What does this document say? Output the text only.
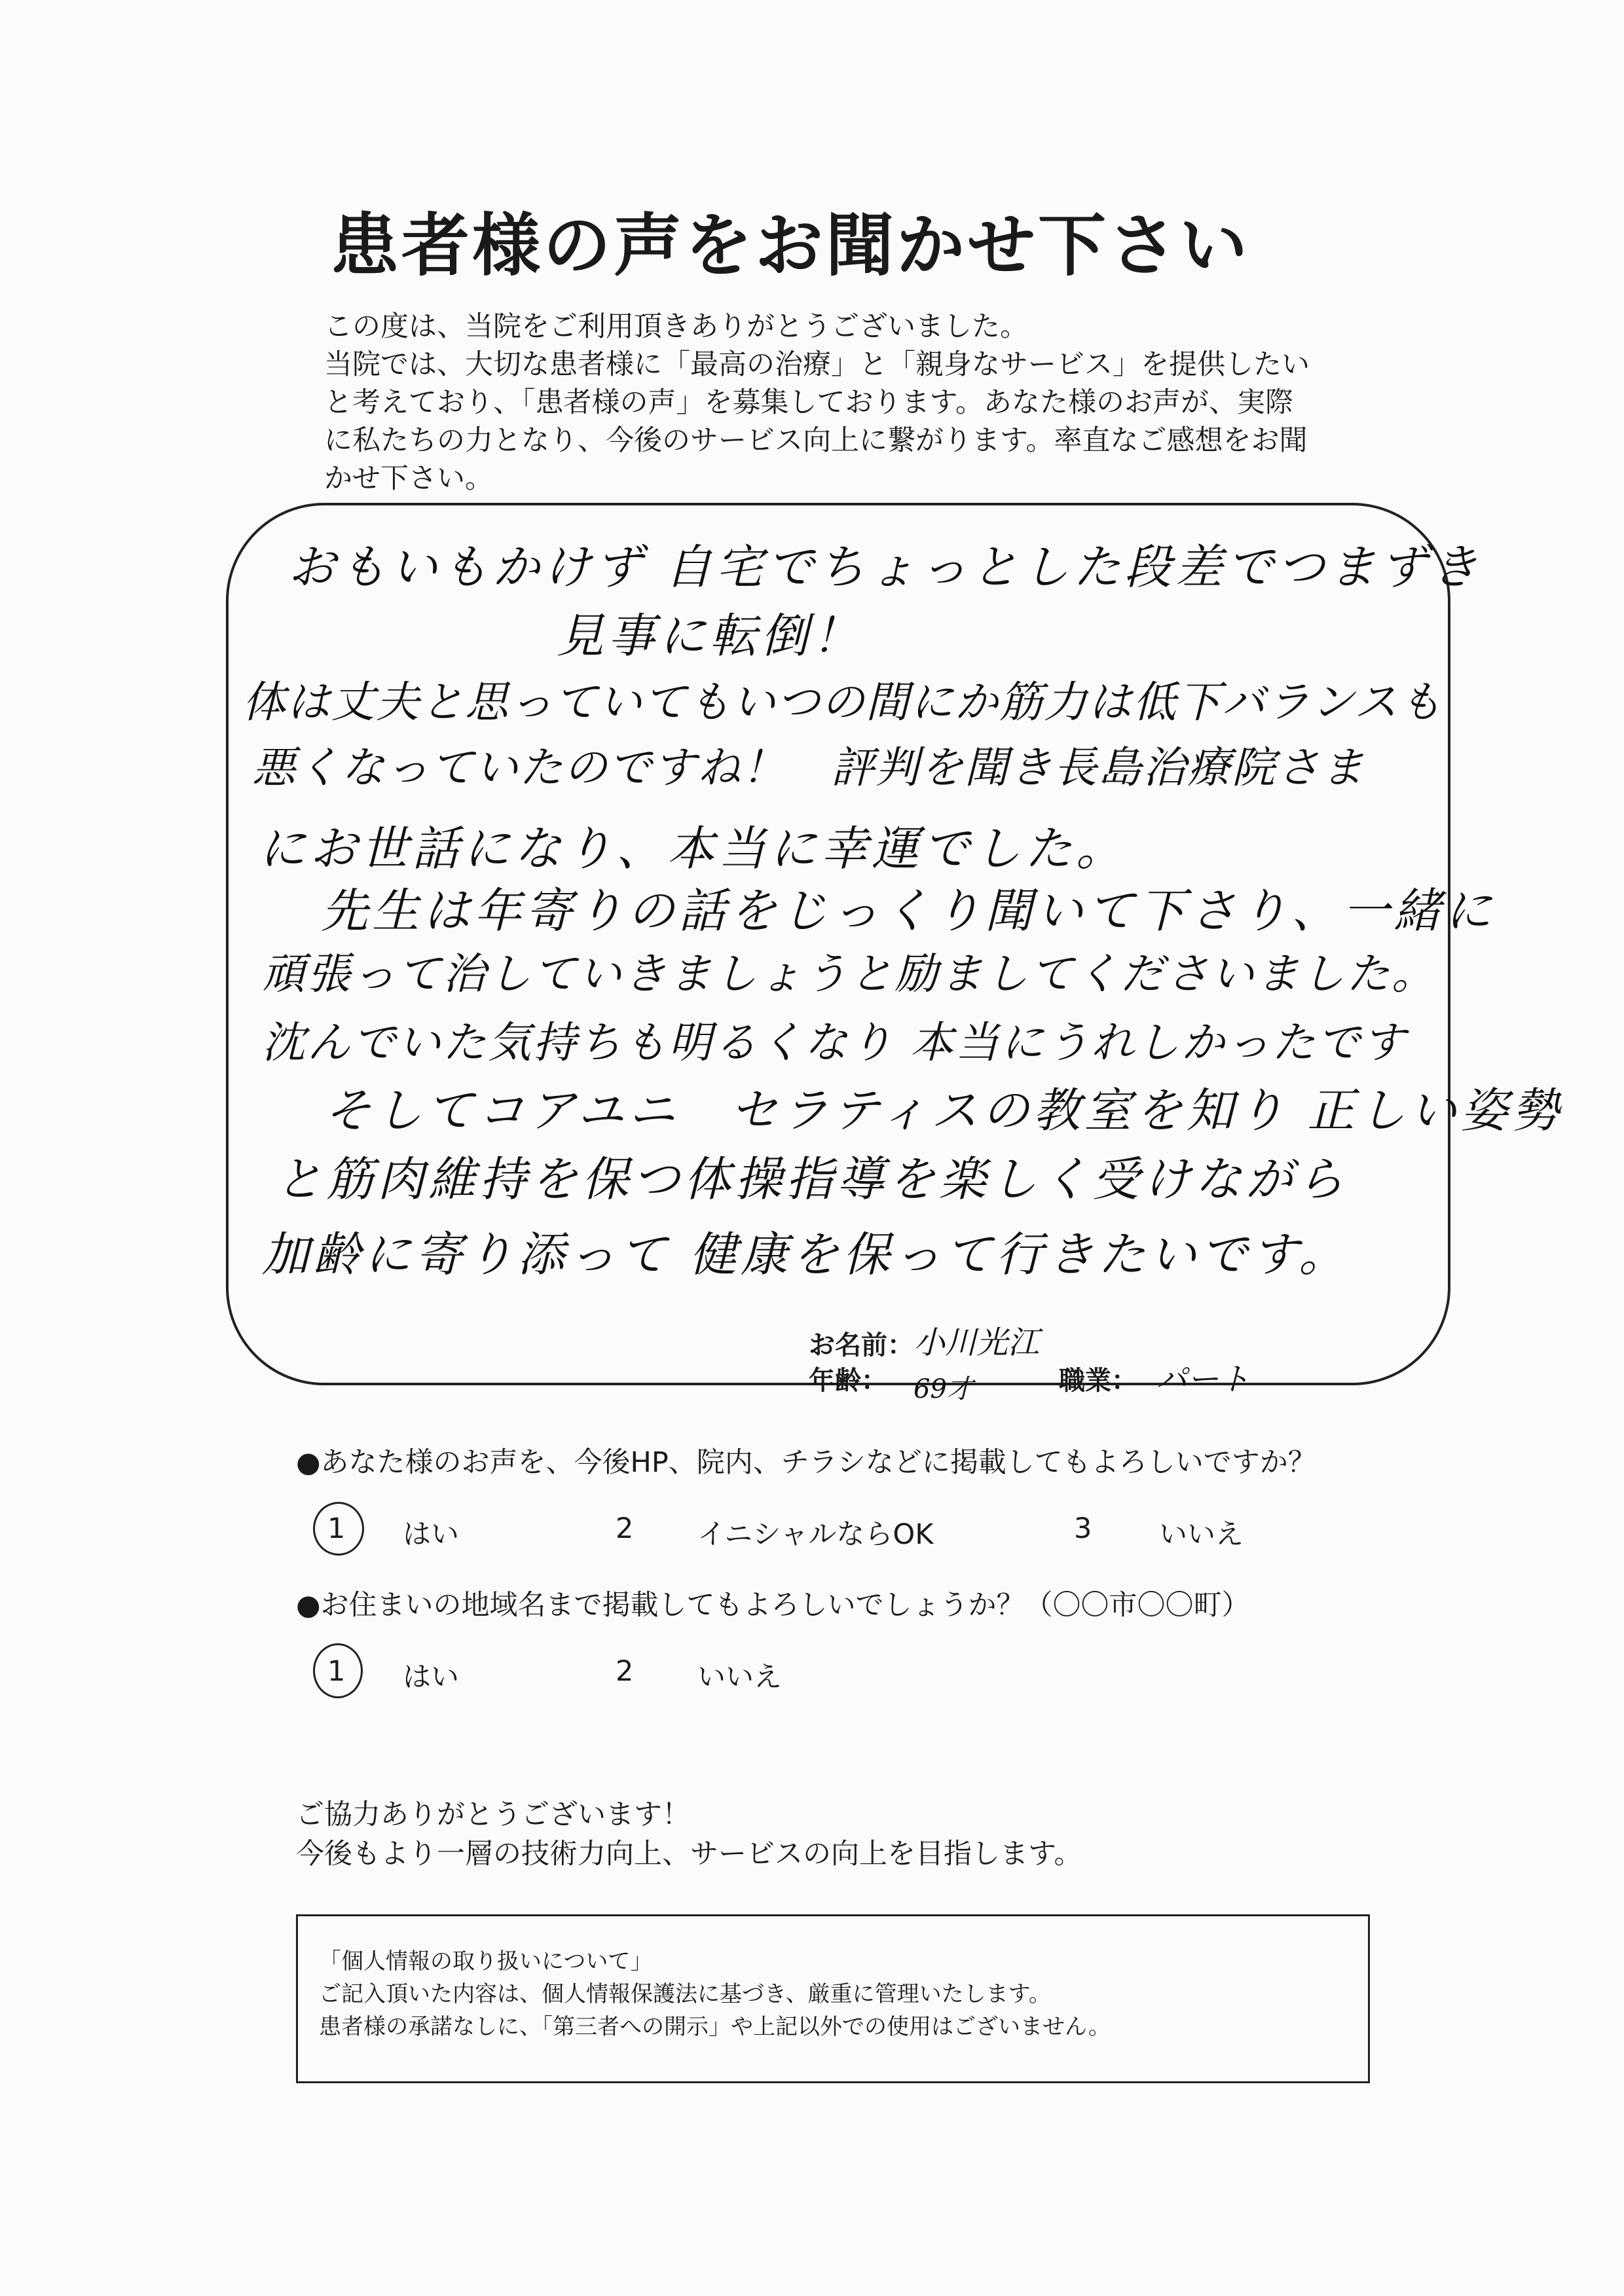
患者様の声をお聞かせ下さい
この度は、当院をご利用頂きありがとうございました。
当院では、大切な患者様に「最高の治療」と「親身なサービス」を提供したい
と考えており、「患者様の声」を募集しております。あなた様のお声が、実際
に私たちの力となり、今後のサービス向上に繋がります。率直なご感想をお聞
かせ下さい。
おもいもかけず 自宅でちょっとした段差でつまずき
見事に転倒！
体は丈夫と思っていてもいつの間にか筋力は低下バランスも
悪くなっていたのですね！　評判を聞き長島治療院さま
にお世話になり、本当に幸運でした。
先生は年寄りの話をじっくり聞いて下さり、一緒に
頑張って治していきましょうと励ましてくださいました。
沈んでいた気持ちも明るくなり 本当にうれしかったです
そしてコアユニ　セラティスの教室を知り 正しい姿勢
と筋肉維持を保つ体操指導を楽しく受けながら
加齢に寄り添って 健康を保って行きたいです。
お名前： 小川光江
年齢： 69才	職業： パート
●あなた様のお声を、今後HP、院内、チラシなどに掲載してもよろしいですか？
1 はい	2 イニシャルならOK	3 いいえ
●お住まいの地域名まで掲載してもよろしいでしょうか？（〇〇市〇〇町）
1 はい	2 いいえ
ご協力ありがとうございます！
今後もより一層の技術力向上、サービスの向上を目指します。
「個人情報の取り扱いについて」
ご記入頂いた内容は、個人情報保護法に基づき、厳重に管理いたします。
患者様の承諾なしに、「第三者への開示」や上記以外での使用はございません。
